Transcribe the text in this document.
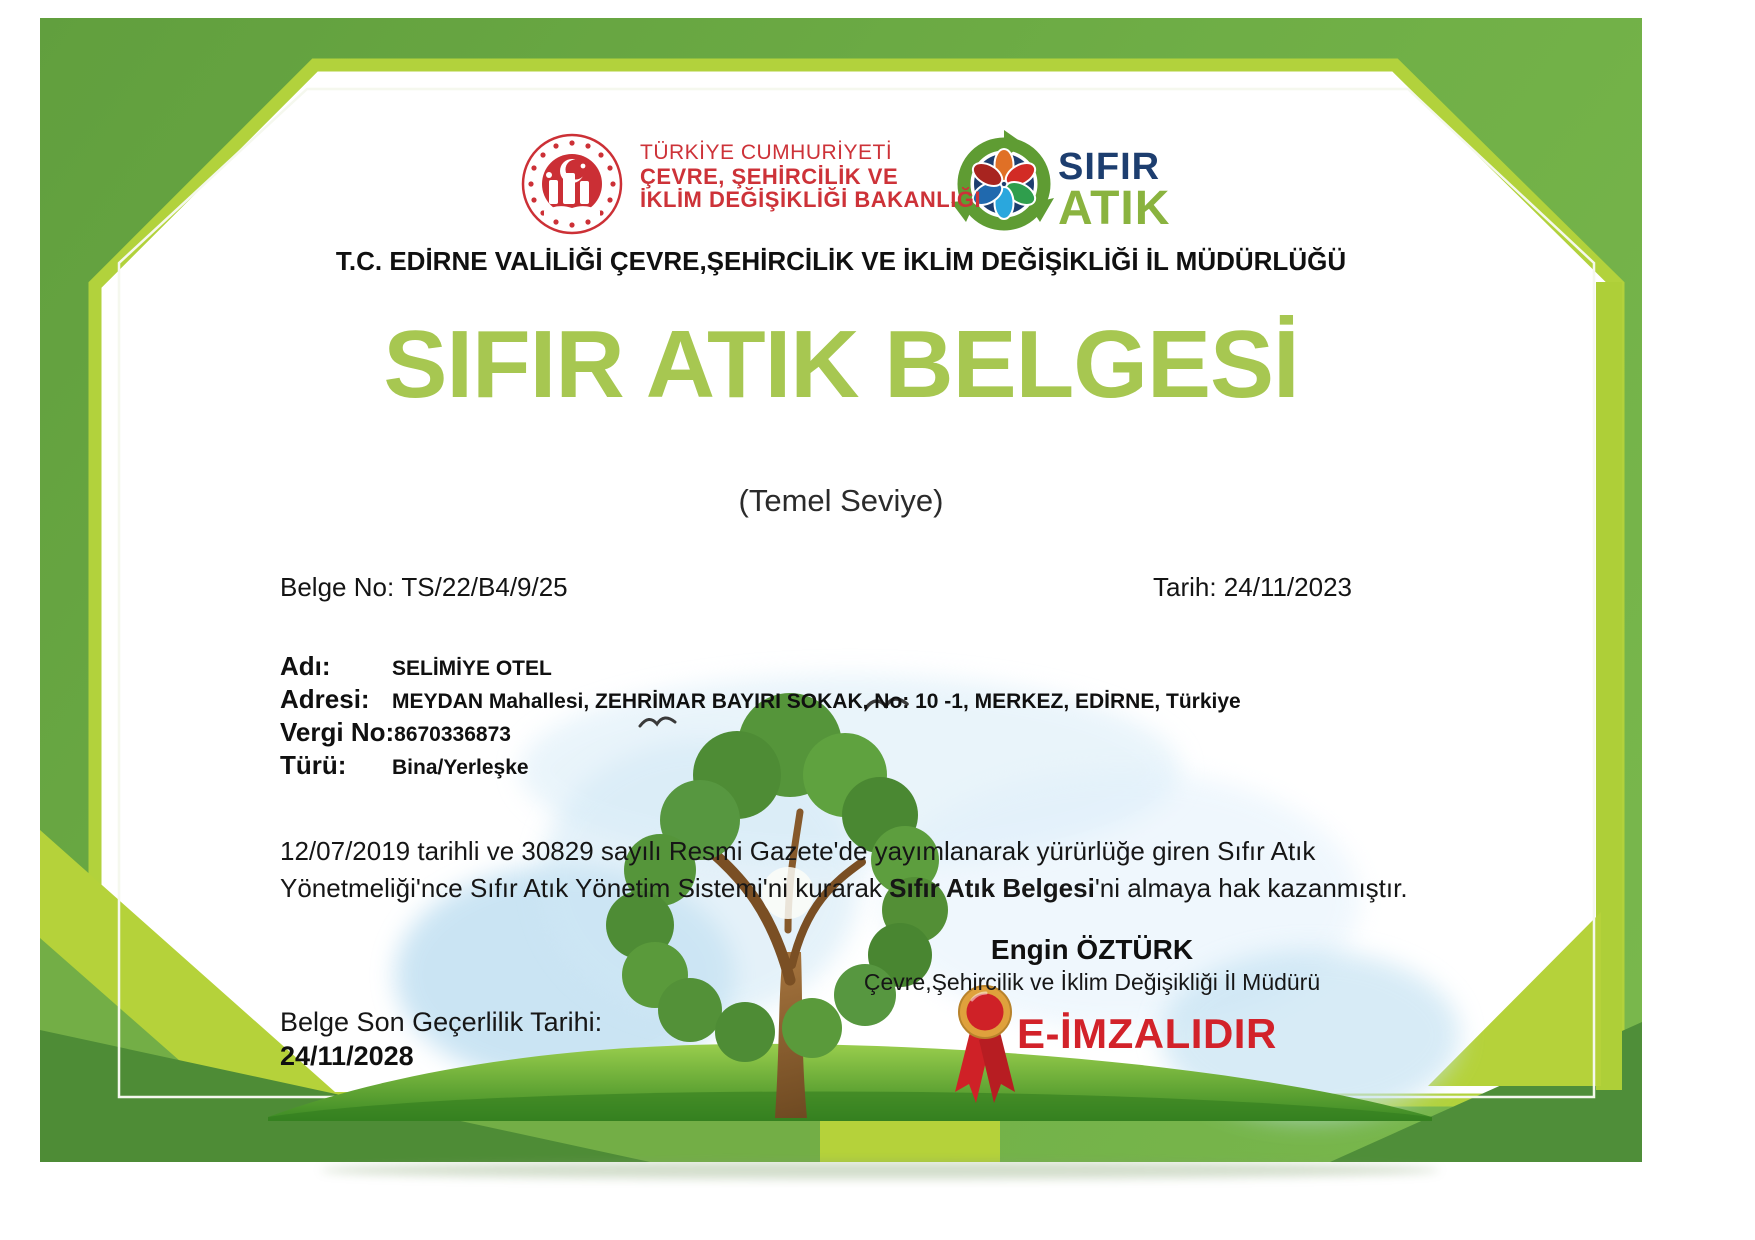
TÜRKİYE CUMHURİYETİ
ÇEVRE, ŞEHİRCİLİK VE
İKLİM DEĞİŞİKLİĞİ BAKANLIĞI
SIFIR
ATIK
T.C. EDİRNE VALİLİĞİ ÇEVRE,ŞEHİRCİLİK VE İKLİM DEĞİŞİKLİĞİ İL MÜDÜRLÜĞÜ
SIFIR ATIK BELGESİ
(Temel Seviye)
Belge No: TS/22/B4/9/25	Tarih: 24/11/2023
Adı:	SELİMİYE OTEL
Adresi: MEYDAN Mahallesi, ZEHRİMAR BAYIRI SOKAK, No: 10 -1, MERKEZ, EDİRNE, Türkiye
Vergi No:8670336873
Türü: Bina/Yerleşke
12/07/2019 tarihli ve 30829 sayılı Resmi Gazete'de yayımlanarak yürürlüğe giren Sıfır Atık
Yönetmeliği'nce Sıfır Atık Yönetim Sistemi'ni kurarak Sıfır Atık Belgesi'ni almaya hak kazanmıştır.
Engin ÖZTÜRK
Çevre,Şehircilik ve İklim Değişikliği İl Müdürü
E-İMZALIDIR
Belge Son Geçerlilik Tarihi:
24/11/2028
